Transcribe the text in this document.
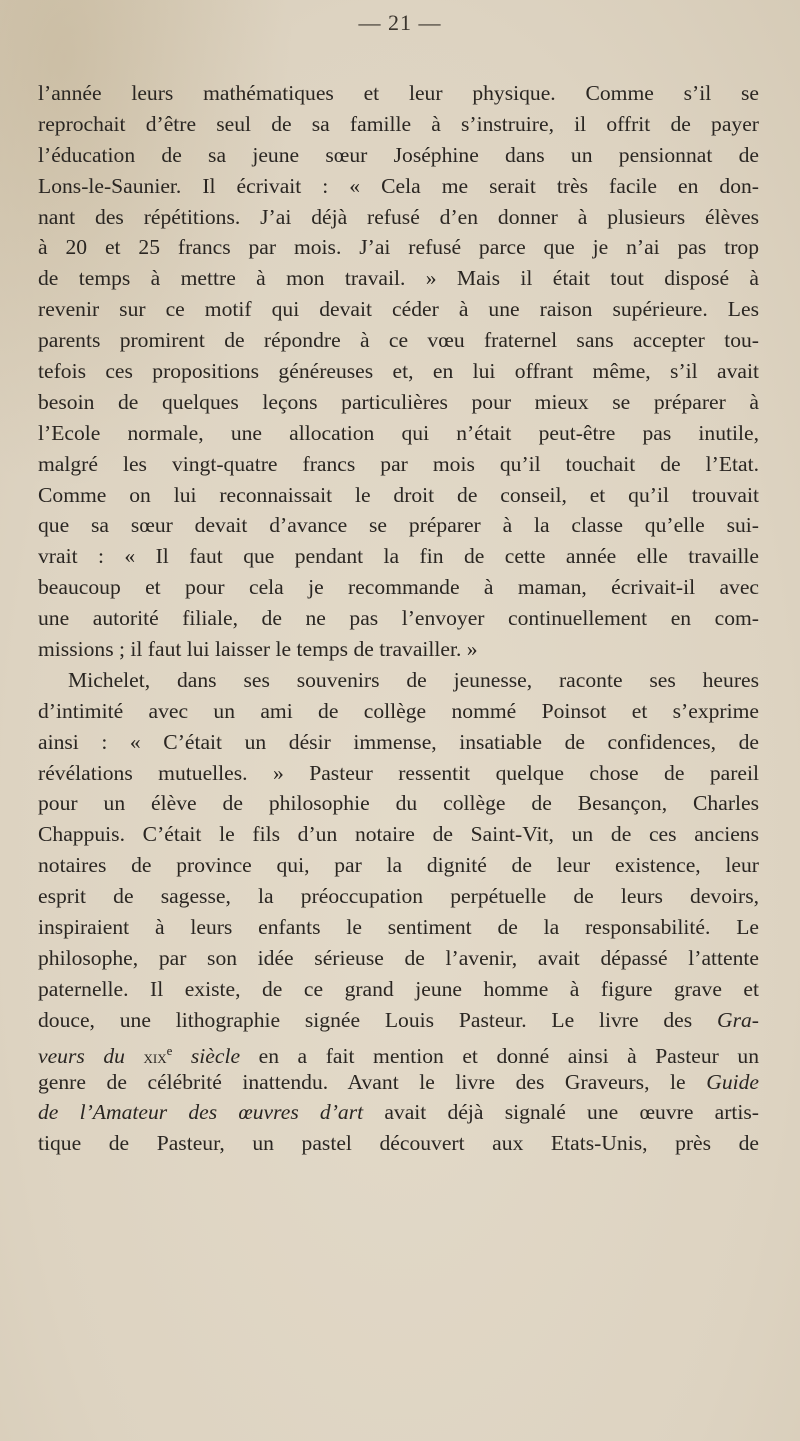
— 21 —
l’année leurs mathématiques et leur physique. Comme s’il se
reprochait d’être seul de sa famille à s’instruire, il offrit de payer
l’éducation de sa jeune sœur Joséphine dans un pensionnat de
Lons-le-Saunier. Il écrivait : « Cela me serait très facile en don-
nant des répétitions. J’ai déjà refusé d’en donner à plusieurs élèves
à 20 et 25 francs par mois. J’ai refusé parce que je n’ai pas trop
de temps à mettre à mon travail. » Mais il était tout disposé à
revenir sur ce motif qui devait céder à une raison supérieure. Les
parents promirent de répondre à ce vœu fraternel sans accepter tou-
tefois ces propositions généreuses et, en lui offrant même, s’il avait
besoin de quelques leçons particulières pour mieux se préparer à
l’Ecole normale, une allocation qui n’était peut-être pas inutile,
malgré les vingt-quatre francs par mois qu’il touchait de l’Etat.
Comme on lui reconnaissait le droit de conseil, et qu’il trouvait
que sa sœur devait d’avance se préparer à la classe qu’elle sui-
vrait : « Il faut que pendant la fin de cette année elle travaille
beaucoup et pour cela je recommande à maman, écrivait-il avec
une autorité filiale, de ne pas l’envoyer continuellement en com-
missions ; il faut lui laisser le temps de travailler. »
Michelet, dans ses souvenirs de jeunesse, raconte ses heures
d’intimité avec un ami de collège nommé Poinsot et s’exprime
ainsi : « C’était un désir immense, insatiable de confidences, de
révélations mutuelles. » Pasteur ressentit quelque chose de pareil
pour un élève de philosophie du collège de Besançon, Charles
Chappuis. C’était le fils d’un notaire de Saint-Vit, un de ces anciens
notaires de province qui, par la dignité de leur existence, leur
esprit de sagesse, la préoccupation perpétuelle de leurs devoirs,
inspiraient à leurs enfants le sentiment de la responsabilité. Le
philosophe, par son idée sérieuse de l’avenir, avait dépassé l’attente
paternelle. Il existe, de ce grand jeune homme à figure grave et
douce, une lithographie signée Louis Pasteur. Le livre des Gra-
veurs du xix$^e$ siècle en a fait mention et donné ainsi à Pasteur un
genre de célébrité inattendu. Avant le livre des Graveurs, le Guide
de l’Amateur des œuvres d’art avait déjà signalé une œuvre artis-
tique de Pasteur, un pastel découvert aux Etats-Unis, près de
